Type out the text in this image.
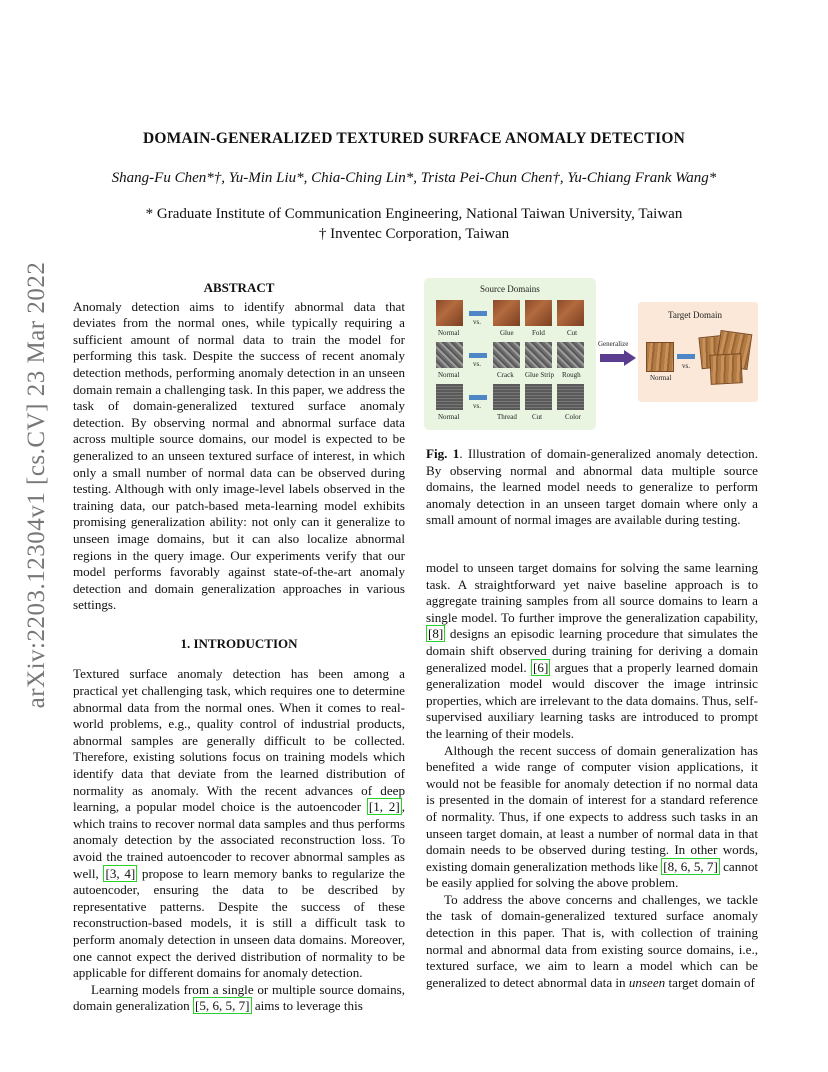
arXiv:2203.12304v1 [cs.CV] 23 Mar 2022
DOMAIN-GENERALIZED TEXTURED SURFACE ANOMALY DETECTION
Shang-Fu Chen*†, Yu-Min Liu*, Chia-Ching Lin*, Trista Pei-Chun Chen†, Yu-Chiang Frank Wang*
* Graduate Institute of Communication Engineering, National Taiwan University, Taiwan
† Inventec Corporation, Taiwan
ABSTRACT

Anomaly detection aims to identify abnormal data that deviates from the normal ones, while typically requiring a sufficient amount of normal data to train the model for performing this task. Despite the success of recent anomaly detection methods, performing anomaly detection in an unseen domain remain a challenging task. In this paper, we address the task of domain-generalized textured surface anomaly detection. By observing normal and abnormal surface data across multiple source domains, our model is expected to be generalized to an unseen textured surface of interest, in which only a small number of normal data can be observed during testing. Although with only image-level labels observed in the training data, our patch-based meta-learning model exhibits promising generalization ability: not only can it generalize to unseen image domains, but it can also localize abnormal regions in the query image. Our experiments verify that our model performs favorably against state-of-the-art anomaly detection and domain generalization approaches in various settings.

1. INTRODUCTION

Textured surface anomaly detection has been among a practical yet challenging task, which requires one to determine abnormal data from the normal ones. When it comes to real-world problems, e.g., quality control of industrial products, abnormal samples are generally difficult to be collected. Therefore, existing solutions focus on training models which identify data that deviate from the learned distribution of normality as anomaly. With the recent advances of deep learning, a popular model choice is the autoencoder [1, 2] , which trains to recover normal data samples and thus performs anomaly detection by the associated reconstruction loss. To avoid the trained autoencoder to recover abnormal samples as well, [3, 4] propose to learn memory banks to regularize the autoencoder, ensuring the data to be described by representative patterns. Despite the success of these reconstruction-based models, it is still a difficult task to perform anomaly detection in unseen data domains. Moreover, one cannot expect the derived distribution of normality to be applicable for different domains for anomaly detection.

Learning models from a single or multiple source domains, domain generalization [5, 6, 5, 7] aims to leverage this

Source Domains
vs.
Normal	Glue	Fold	Cut
vs.
Normal	Crack Glue Strip Rough
vs.
Normal	Thread Cut	Color
Generalize
Target Domain
vs.
Normal
Fig. 1. Illustration of domain-generalized anomaly detection. By observing normal and abnormal data multiple source domains, the learned model needs to generalize to perform anomaly detection in an unseen target domain where only a small amount of normal images are available during testing.

model to unseen target domains for solving the same learning task. A straightforward yet naive baseline approach is to aggregate training samples from all source domains to learn a single model. To further improve the generalization capability, [8] designs an episodic learning procedure that simulates the domain shift observed during training for deriving a domain generalized model. [6] argues that a properly learned domain generalization model would discover the image intrinsic properties, which are irrelevant to the data domains. Thus, self-supervised auxiliary learning tasks are introduced to prompt the learning of their models.

Although the recent success of domain generalization has benefited a wide range of computer vision applications, it would not be feasible for anomaly detection if no normal data is presented in the domain of interest for a standard reference of normality. Thus, if one expects to address such tasks in an unseen target domain, at least a number of normal data in that domain needs to be observed during testing. In other words, existing domain generalization methods like [8, 6, 5, 7] cannot be easily applied for solving the above problem.

To address the above concerns and challenges, we tackle the task of domain-generalized textured surface anomaly detection in this paper. That is, with collection of training normal and abnormal data from existing source domains, i.e., textured surface, we aim to learn a model which can be generalized to detect abnormal data in unseen target domain of
